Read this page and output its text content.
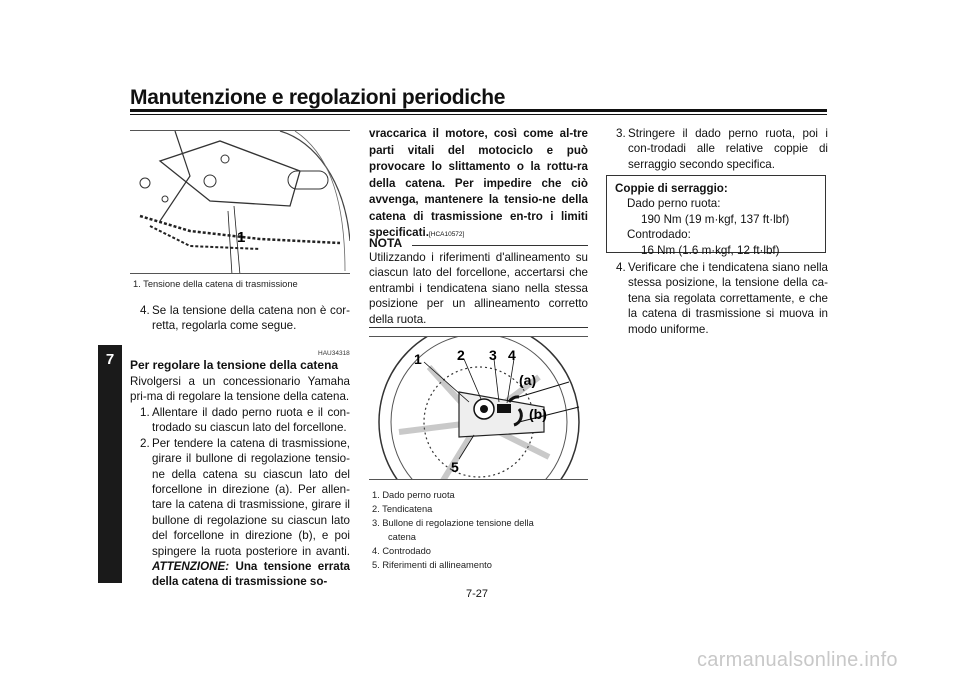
Manutenzione e regolazioni periodiche
7
1
1. Tensione della catena di trasmissione
4. Se la tensione della catena non è cor-retta, regolarla come segue.
HAU34318
Per regolare la tensione della catena
Rivolgersi a un concessionario Yamaha pri-ma di regolare la tensione della catena.
1. Allentare il dado perno ruota e il con-trodado su ciascun lato del forcellone.
2. Per tendere la catena di trasmissione, girare il bullone di regolazione tensio-ne della catena su ciascun lato del forcellone in direzione (a). Per allen-tare la catena di trasmissione, girare il bullone di regolazione su ciascun lato del forcellone in direzione (b), e poi spingere la ruota posteriore in avanti. ATTENZIONE: Una tensione errata della catena di trasmissione so-
vraccarica il motore, così come al-tre parti vitali del motociclo e può provocare lo slittamento o la rottu-ra della catena. Per impedire che ciò avvenga, mantenere la tensio-ne della catena di trasmissione en-tro i limiti specificati.[HCA10572]
NOTA
Utilizzando i riferimenti d'allineamento su ciascun lato del forcellone, accertarsi che entrambi i tendicatena siano nella stessa posizione per un allineamento corretto della ruota.
1	2 3 4
5
(a)
(b)
1. Dado perno ruota
2. Tendicatena
3. Bullone di regolazione tensione della
catena
4. Controdado
5. Riferimenti di allineamento
3. Stringere il dado perno ruota, poi i con-trodadi alle relative coppie di serraggio secondo specifica.
Coppie di serraggio:
Dado perno ruota:
190 Nm (19 m·kgf, 137 ft·lbf)
Controdado:
16 Nm (1.6 m·kgf, 12 ft·lbf)
4. Verificare che i tendicatena siano nella stessa posizione, la tensione della ca-tena sia regolata correttamente, e che la catena di trasmissione si muova in modo uniforme.
7-27
carmanualsonline.info
